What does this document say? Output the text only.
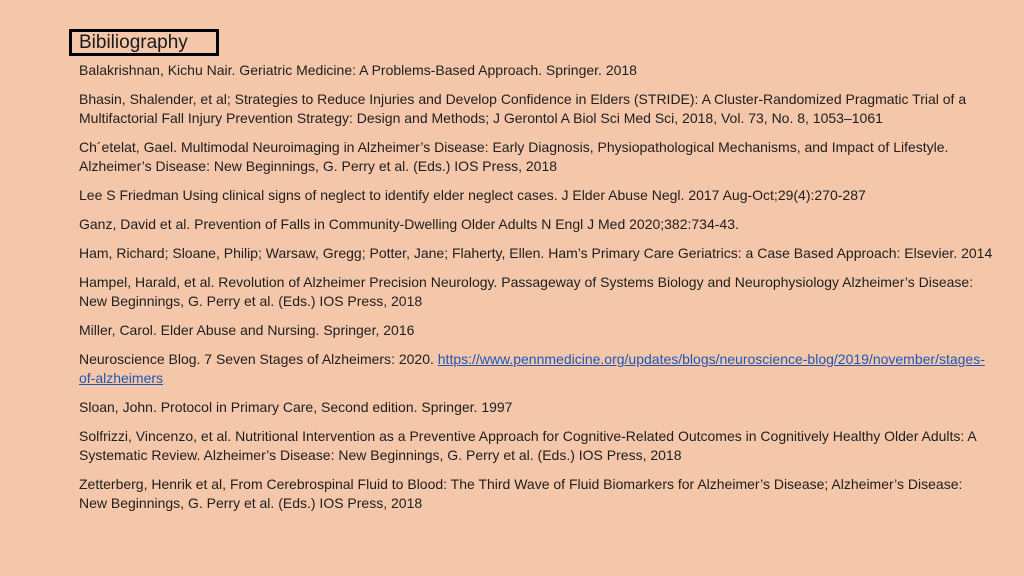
Bibiliography
Balakrishnan, Kichu Nair. Geriatric Medicine: A Problems-Based Approach. Springer. 2018
Bhasin, Shalender, et al; Strategies to Reduce Injuries and Develop Confidence in Elders (STRIDE): A Cluster-Randomized Pragmatic Trial of a Multifactorial Fall Injury Prevention Strategy: Design and Methods; J Gerontol A Biol Sci Med Sci, 2018, Vol. 73, No. 8, 1053–1061
Ch´etelat, Gael. Multimodal Neuroimaging in Alzheimer’s Disease: Early Diagnosis, Physiopathological Mechanisms, and Impact of Lifestyle. Alzheimer’s Disease: New Beginnings, G. Perry et al. (Eds.) IOS Press, 2018
Lee S Friedman Using clinical signs of neglect to identify elder neglect cases. J Elder Abuse Negl. 2017 Aug-Oct;29(4):270-287
Ganz, David et al. Prevention of Falls in Community-Dwelling Older Adults N Engl J Med 2020;382:734-43.
Ham, Richard; Sloane, Philip; Warsaw, Gregg; Potter, Jane; Flaherty, Ellen. Ham’s Primary Care Geriatrics: a Case Based Approach: Elsevier. 2014
Hampel, Harald, et al. Revolution of Alzheimer Precision Neurology. Passageway of Systems Biology and Neurophysiology Alzheimer’s Disease: New Beginnings, G. Perry et al. (Eds.) IOS Press, 2018
Miller, Carol. Elder Abuse and Nursing. Springer, 2016
Neuroscience Blog. 7 Seven Stages of Alzheimers: 2020. https://www.pennmedicine.org/updates/blogs/neuroscience-blog/2019/november/stages-of-alzheimers
Sloan, John. Protocol in Primary Care, Second edition. Springer. 1997
Solfrizzi, Vincenzo, et al. Nutritional Intervention as a Preventive Approach for Cognitive-Related Outcomes in Cognitively Healthy Older Adults: A Systematic Review. Alzheimer’s Disease: New Beginnings, G. Perry et al. (Eds.) IOS Press, 2018
Zetterberg, Henrik et al, From Cerebrospinal Fluid to Blood: The Third Wave of Fluid Biomarkers for Alzheimer’s Disease; Alzheimer’s Disease: New Beginnings, G. Perry et al. (Eds.) IOS Press, 2018
